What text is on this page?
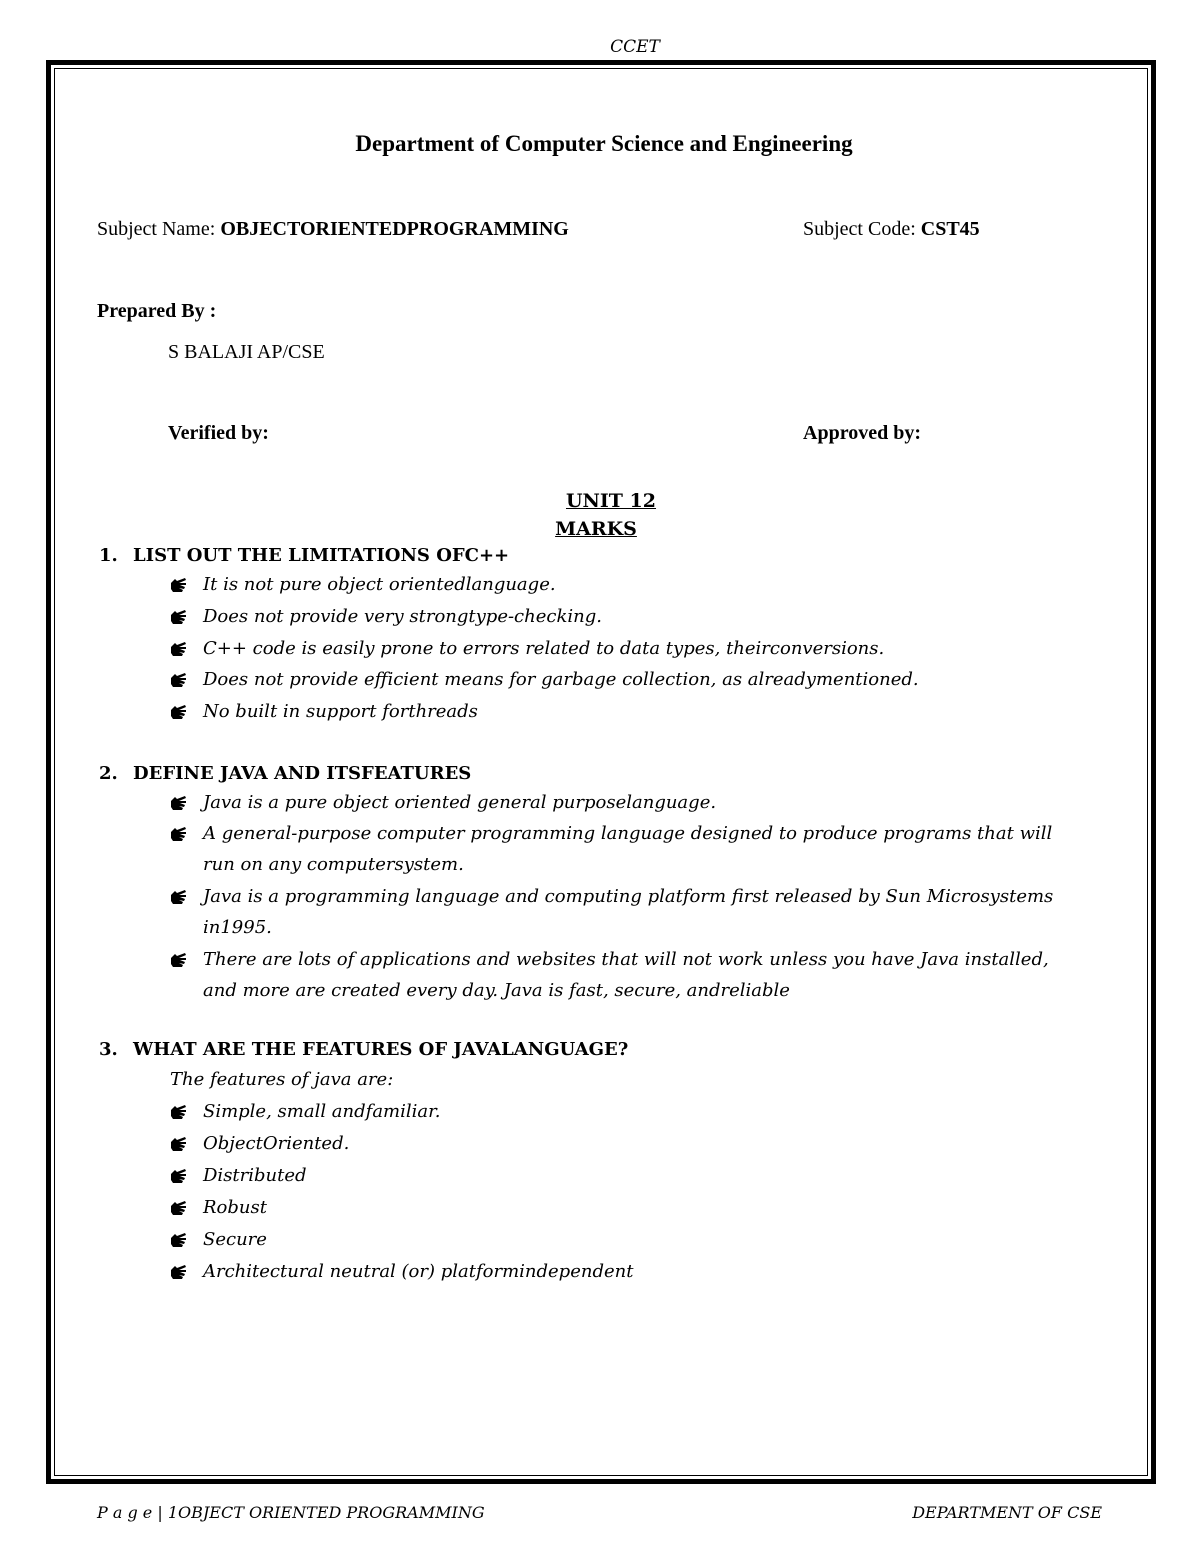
CCET
Department of Computer Science and Engineering
Subject Name: OBJECTORIENTEDPROGRAMMING	Subject Code: CST45
Prepared By :
S BALAJI AP/CSE
Verified by:	Approved by:
UNIT 12
MARKS
1. LIST OUT THE LIMITATIONS OFC++
It is not pure object orientedlanguage.
Does not provide very strongtype-checking.
C++ code is easily prone to errors related to data types, theirconversions.
Does not provide efficient means for garbage collection, as alreadymentioned.
No built in support forthreads
2. DEFINE JAVA AND ITSFEATURES
Java is a pure object oriented general purposelanguage.
A general-purpose computer programming language designed to produce programs that will
run on any computersystem.
Java is a programming language and computing platform first released by Sun Microsystems
in1995.
There are lots of applications and websites that will not work unless you have Java installed,
and more are created every day. Java is fast, secure, andreliable
3. WHAT ARE THE FEATURES OF JAVALANGUAGE?
The features of java are:
Simple, small andfamiliar.
ObjectOriented.
Distributed
Robust
Secure
Architectural neutral (or) platformindependent
P a g e | 1OBJECT ORIENTED PROGRAMMING	DEPARTMENT OF CSE
